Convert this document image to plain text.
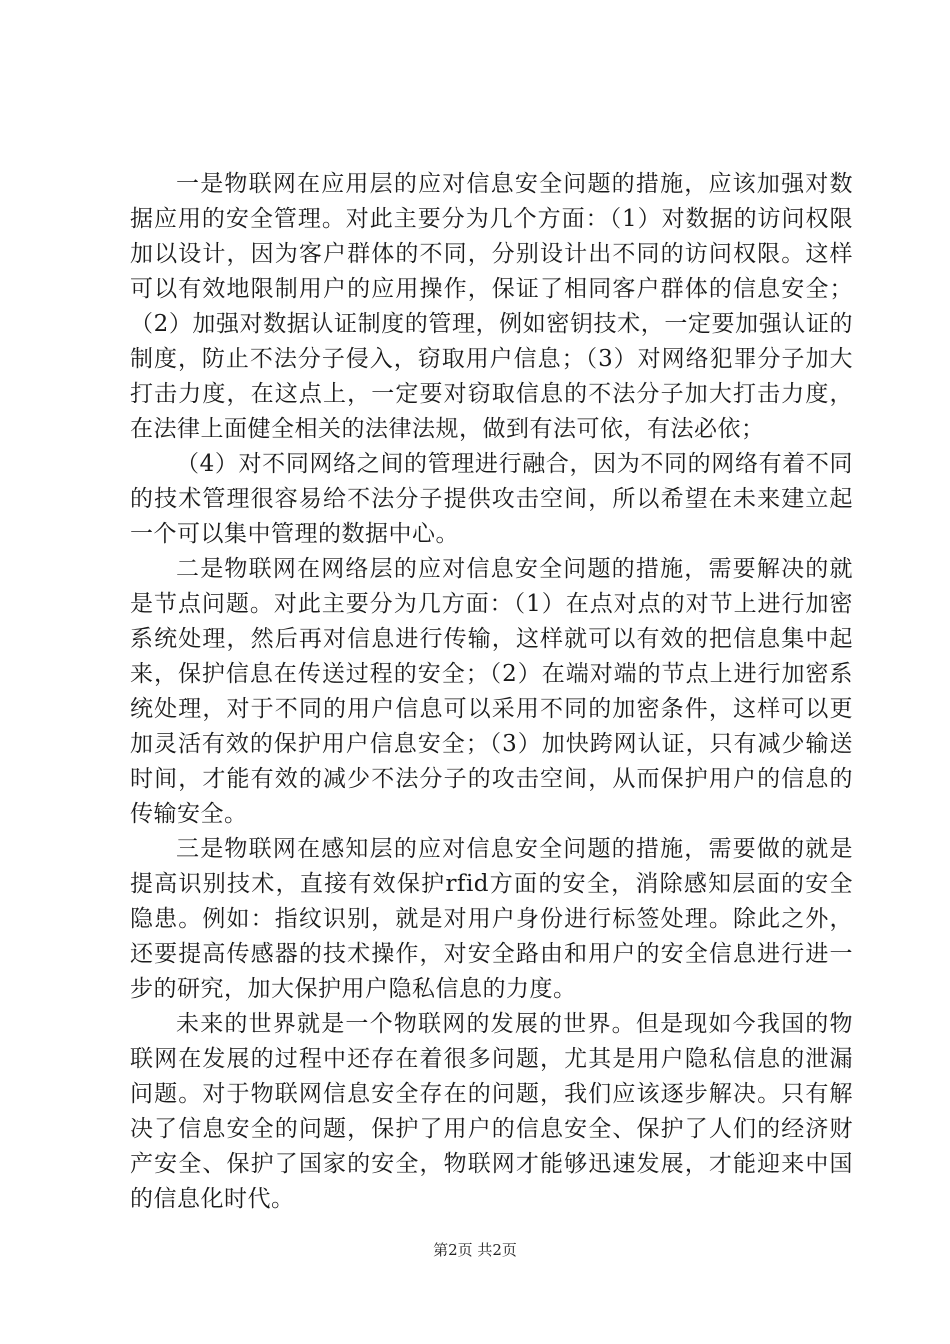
一是物联网在应用层的应对信息安全问题的措施，应该加强对数据应用的安全管理。对此主要分为几个方面：（1）对数据的访问权限加以设计，因为客户群体的不同，分别设计出不同的访问权限。这样可以有效地限制用户的应用操作，保证了相同客户群体的信息安全；（2）加强对数据认证制度的管理，例如密钥技术，一定要加强认证的制度，防止不法分子侵入，窃取用户信息；（3）对网络犯罪分子加大打击力度，在这点上，一定要对窃取信息的不法分子加大打击力度，在法律上面健全相关的法律法规，做到有法可依，有法必依；

（4）对不同网络之间的管理进行融合，因为不同的网络有着不同的技术管理很容易给不法分子提供攻击空间，所以希望在未来建立起一个可以集中管理的数据中心。

二是物联网在网络层的应对信息安全问题的措施，需要解决的就是节点问题。对此主要分为几方面：（1）在点对点的对节上进行加密系统处理，然后再对信息进行传输，这样就可以有效的把信息集中起来，保护信息在传送过程的安全；（2）在端对端的节点上进行加密系统处理，对于不同的用户信息可以采用不同的加密条件，这样可以更加灵活有效的保护用户信息安全；（3）加快跨网认证，只有减少输送时间，才能有效的减少不法分子的攻击空间，从而保护用户的信息的传输安全。

三是物联网在感知层的应对信息安全问题的措施，需要做的就是提高识别技术，直接有效保护rfid方面的安全，消除感知层面的安全隐患。例如：指纹识别，就是对用户身份进行标签处理。除此之外，还要提高传感器的技术操作，对安全路由和用户的安全信息进行进一步的研究，加大保护用户隐私信息的力度。

未来的世界就是一个物联网的发展的世界。但是现如今我国的物联网在发展的过程中还存在着很多问题，尤其是用户隐私信息的泄漏问题。对于物联网信息安全存在的问题，我们应该逐步解决。只有解决了信息安全的问题，保护了用户的信息安全、保护了人们的经济财产安全、保护了国家的安全，物联网才能够迅速发展，才能迎来中国的信息化时代。

第2页 共2页
